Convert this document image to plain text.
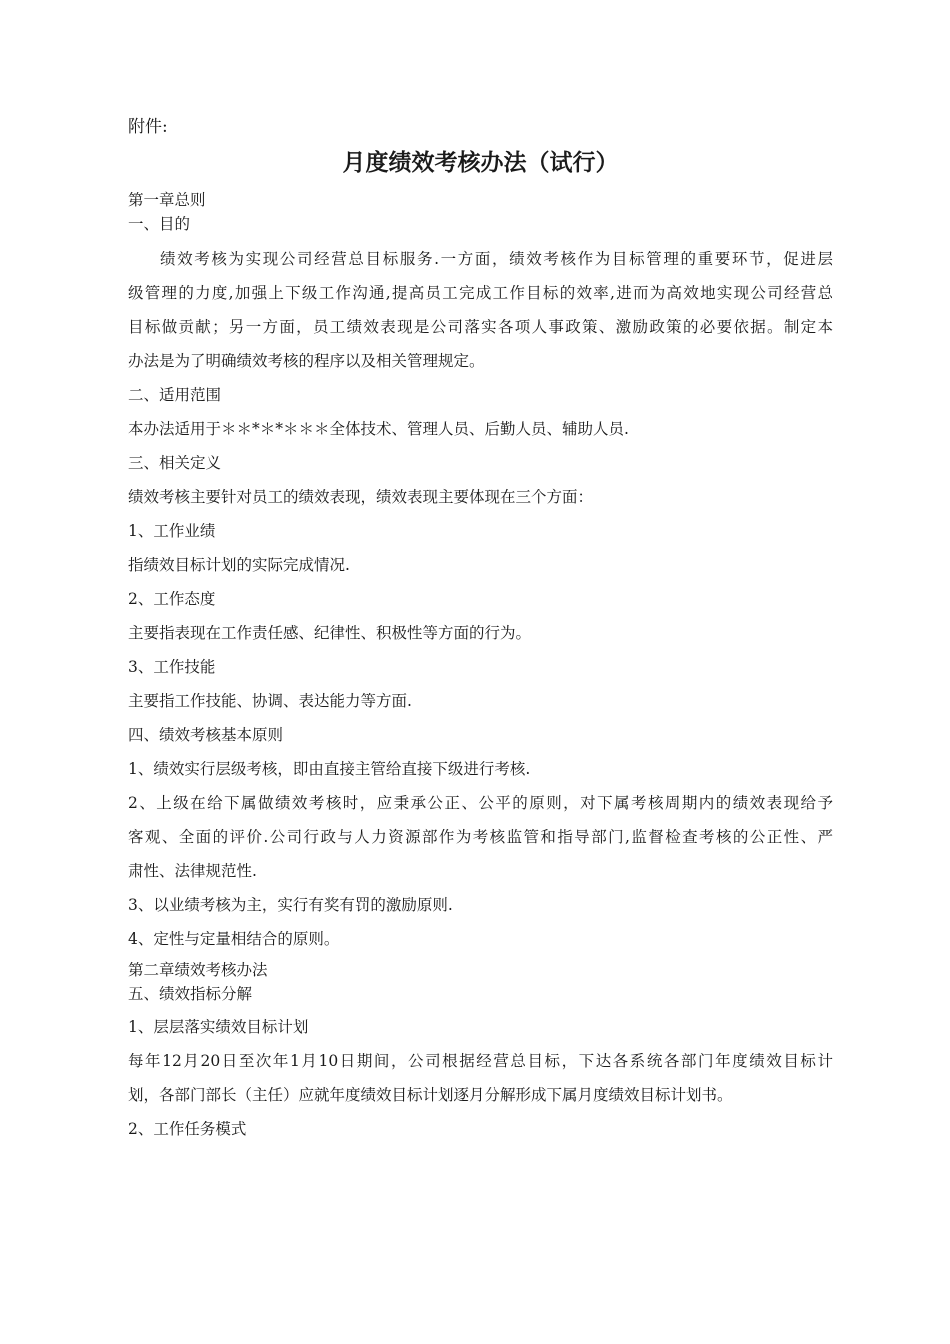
附件:
月度绩效考核办法（试行）

第一章总则

一、目的

绩效考核为实现公司经营总目标服务.一方面，绩效考核作为目标管理的重要环节，促进层
级管理的力度,加强上下级工作沟通,提高员工完成工作目标的效率,进而为高效地实现公司经营总
目标做贡献；另一方面，员工绩效表现是公司落实各项人事政策、激励政策的必要依据。制定本
办法是为了明确绩效考核的程序以及相关管理规定。

二、适用范围

本办法适用于＊＊*＊*＊＊＊全体技术、管理人员、后勤人员、辅助人员.

三、相关定义

绩效考核主要针对员工的绩效表现，绩效表现主要体现在三个方面：

1、工作业绩

指绩效目标计划的实际完成情况.

2、工作态度

主要指表现在工作责任感、纪律性、积极性等方面的行为。

3、工作技能

主要指工作技能、协调、表达能力等方面.

四、绩效考核基本原则

1、绩效实行层级考核，即由直接主管给直接下级进行考核.

2、上级在给下属做绩效考核时，应秉承公正、公平的原则，对下属考核周期内的绩效表现给予
客观、全面的评价.公司行政与人力资源部作为考核监管和指导部门,监督检查考核的公正性、严
肃性、法律规范性.

3、以业绩考核为主，实行有奖有罚的激励原则.

4、定性与定量相结合的原则。

第二章绩效考核办法

五、绩效指标分解

1、层层落实绩效目标计划

每年12月20日至次年1月10日期间，公司根据经营总目标，下达各系统各部门年度绩效目标计
划，各部门部长（主任）应就年度绩效目标计划逐月分解形成下属月度绩效目标计划书。

2、工作任务模式
